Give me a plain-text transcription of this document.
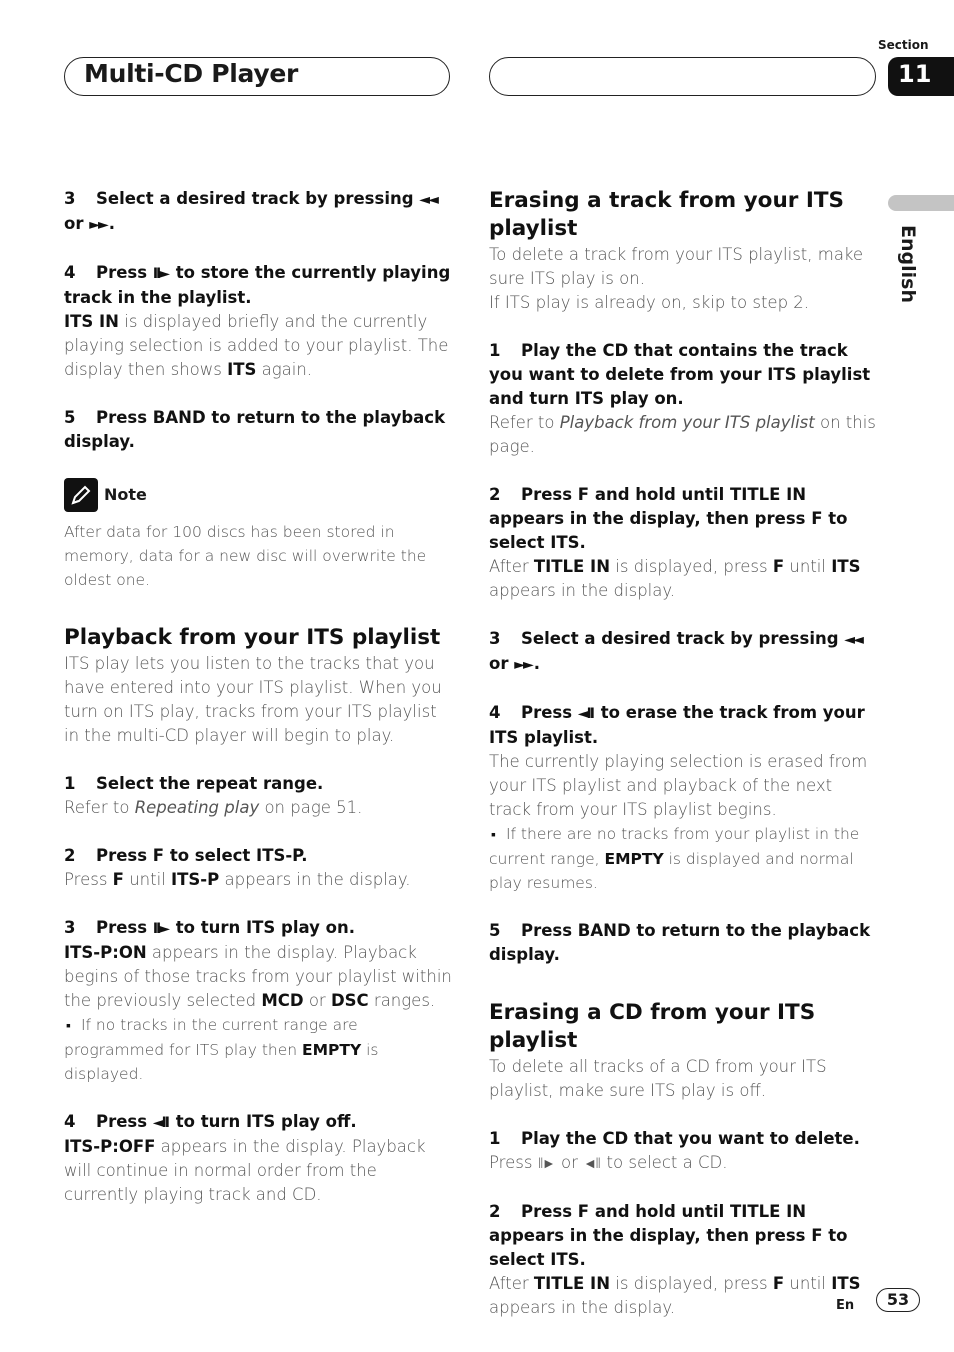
Multi-CD Player
Section
11
English

3 Select a desired track by pressing ◄◄
or ►► .

4 Press II► to store the currently playing track in the playlist.

ITS IN is displayed briefly and the currently playing selection is added to your playlist. The display then shows ITS again.

5 Press BAND to return to the playback display.

Note

After data for 100 discs has been stored in memory, data for a new disc will overwrite the oldest one.

Playback from your ITS playlist

ITS play lets you listen to the tracks that you have entered into your ITS playlist. When you turn on ITS play, tracks from your ITS playlist in the multi-CD player will begin to play.

1 Select the repeat range.

Refer to Repeating play on page 51.

2 Press F to select ITS-P.

Press F until ITS-P appears in the display.

3 Press II► to turn ITS play on.

ITS-P:ON appears in the display. Playback begins of those tracks from your playlist within the previously selected MCD or DSC ranges.

▪ If no tracks in the current range are programmed for ITS play then EMPTY is displayed.

4 Press ◄II to turn ITS play off.

ITS-P:OFF appears in the display. Playback will continue in normal order from the currently playing track and CD.

Erasing a track from your ITS playlist

To delete a track from your ITS playlist, make sure ITS play is on.

If ITS play is already on, skip to step 2.

1 Play the CD that contains the track you want to delete from your ITS playlist and turn ITS play on.

Refer to Playback from your ITS playlist on this page.

2 Press F and hold until TITLE IN appears in the display, then press F to select ITS.

After TITLE IN is displayed, press F until ITS appears in the display.

3 Select a desired track by pressing ◄◄
or ►► .

4 Press ◄II to erase the track from your ITS playlist.

The currently playing selection is erased from your ITS playlist and playback of the next track from your ITS playlist begins.

▪ If there are no tracks from your playlist in the current range, EMPTY is displayed and normal play resumes.

5 Press BAND to return to the playback display.

Erasing a CD from your ITS playlist

To delete all tracks of a CD from your ITS playlist, make sure ITS play is off.

1 Play the CD that you want to delete.

Press II► or ◄II to select a CD.

2 Press F and hold until TITLE IN appears in the display, then press F to select ITS.

After TITLE IN is displayed, press F until ITS appears in the display.	En	53
